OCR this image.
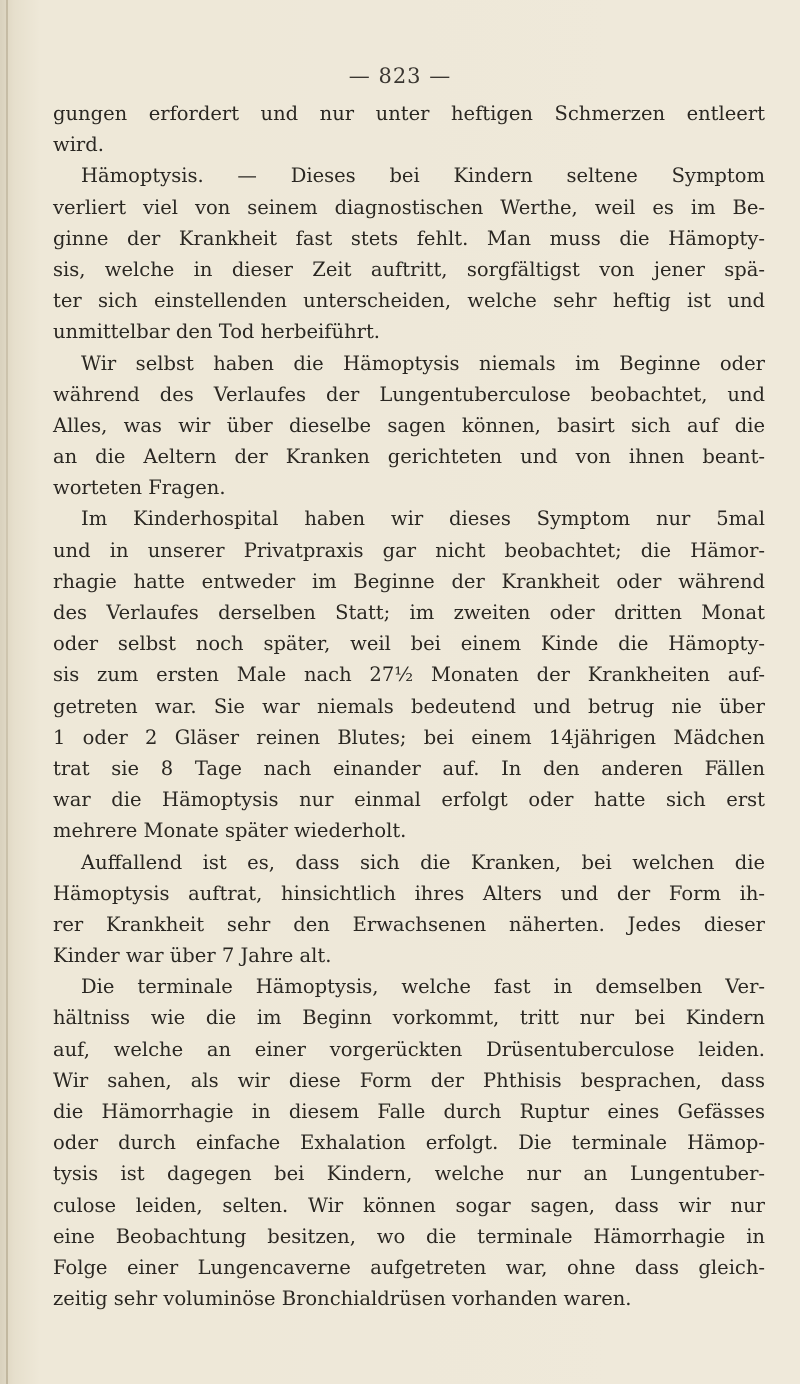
— 823 —
gungen erfordert und nur unter heftigen Schmerzen entleert
wird.
Hämoptysis. — Dieses bei Kindern seltene Symptom
verliert viel von seinem diagnostischen Werthe, weil es im Be-
ginne der Krankheit fast stets fehlt. Man muss die Hämopty-
sis, welche in dieser Zeit auftritt, sorgfältigst von jener spä-
ter sich einstellenden unterscheiden, welche sehr heftig ist und
unmittelbar den Tod herbeiführt.
Wir selbst haben die Hämoptysis niemals im Beginne oder
während des Verlaufes der Lungentuberculose beobachtet, und
Alles, was wir über dieselbe sagen können, basirt sich auf die
an die Aeltern der Kranken gerichteten und von ihnen beant-
worteten Fragen.
Im Kinderhospital haben wir dieses Symptom nur 5mal
und in unserer Privatpraxis gar nicht beobachtet; die Hämor-
rhagie hatte entweder im Beginne der Krankheit oder während
des Verlaufes derselben Statt; im zweiten oder dritten Monat
oder selbst noch später, weil bei einem Kinde die Hämopty-
sis zum ersten Male nach 27½ Monaten der Krankheiten auf-
getreten war. Sie war niemals bedeutend und betrug nie über
1 oder 2 Gläser reinen Blutes; bei einem 14jährigen Mädchen
trat sie 8 Tage nach einander auf. In den anderen Fällen
war die Hämoptysis nur einmal erfolgt oder hatte sich erst
mehrere Monate später wiederholt.
Auffallend ist es, dass sich die Kranken, bei welchen die
Hämoptysis auftrat, hinsichtlich ihres Alters und der Form ih-
rer Krankheit sehr den Erwachsenen näherten. Jedes dieser
Kinder war über 7 Jahre alt.
Die terminale Hämoptysis, welche fast in demselben Ver-
hältniss wie die im Beginn vorkommt, tritt nur bei Kindern
auf, welche an einer vorgerückten Drüsentuberculose leiden.
Wir sahen, als wir diese Form der Phthisis besprachen, dass
die Hämorrhagie in diesem Falle durch Ruptur eines Gefässes
oder durch einfache Exhalation erfolgt. Die terminale Hämop-
tysis ist dagegen bei Kindern, welche nur an Lungentuber-
culose leiden, selten. Wir können sogar sagen, dass wir nur
eine Beobachtung besitzen, wo die terminale Hämorrhagie in
Folge einer Lungencaverne aufgetreten war, ohne dass gleich-
zeitig sehr voluminöse Bronchialdrüsen vorhanden waren.
